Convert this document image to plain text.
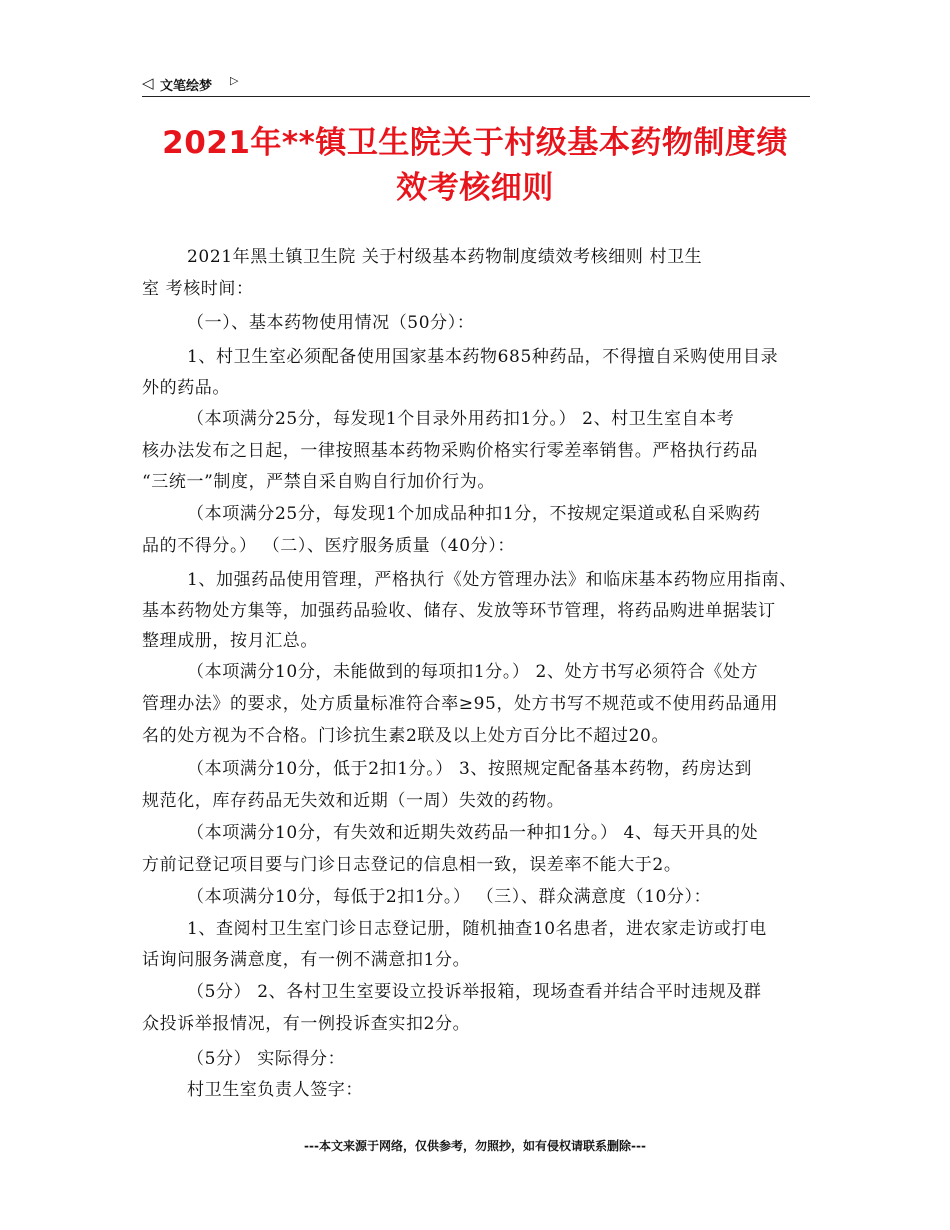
◁ 文笔绘梦 ▷
2021年**镇卫生院关于村级基本药物制度绩
效考核细则
2021年黑土镇卫生院 关于村级基本药物制度绩效考核细则 村卫生
室 考核时间：
（一）、基本药物使用情况（50分）：
1、村卫生室必须配备使用国家基本药物685种药品，不得擅自采购使用目录
外的药品。
（本项满分25分，每发现1个目录外用药扣1分。） 2、村卫生室自本考
核办法发布之日起，一律按照基本药物采购价格实行零差率销售。严格执行药品
“三统一”制度，严禁自采自购自行加价行为。
（本项满分25分，每发现1个加成品种扣1分，不按规定渠道或私自采购药
品的不得分。） （二）、医疗服务质量（40分）：
1、加强药品使用管理，严格执行《处方管理办法》和临床基本药物应用指南、
基本药物处方集等，加强药品验收、储存、发放等环节管理，将药品购进单据装订
整理成册，按月汇总。
（本项满分10分，未能做到的每项扣1分。） 2、处方书写必须符合《处方
管理办法》的要求，处方质量标准符合率≥95，处方书写不规范或不使用药品通用
名的处方视为不合格。门诊抗生素2联及以上处方百分比不超过20。
（本项满分10分，低于2扣1分。） 3、按照规定配备基本药物，药房达到
规范化，库存药品无失效和近期（一周）失效的药物。
（本项满分10分，有失效和近期失效药品一种扣1分。） 4、每天开具的处
方前记登记项目要与门诊日志登记的信息相一致，误差率不能大于2。
（本项满分10分，每低于2扣1分。） （三）、群众满意度（10分）：
1、查阅村卫生室门诊日志登记册，随机抽查10名患者，进农家走访或打电
话询问服务满意度，有一例不满意扣1分。
（5分） 2、各村卫生室要设立投诉举报箱，现场查看并结合平时违规及群
众投诉举报情况，有一例投诉查实扣2分。
（5分） 实际得分：
村卫生室负责人签字：
---本文来源于网络，仅供参考，勿照抄，如有侵权请联系删除---
